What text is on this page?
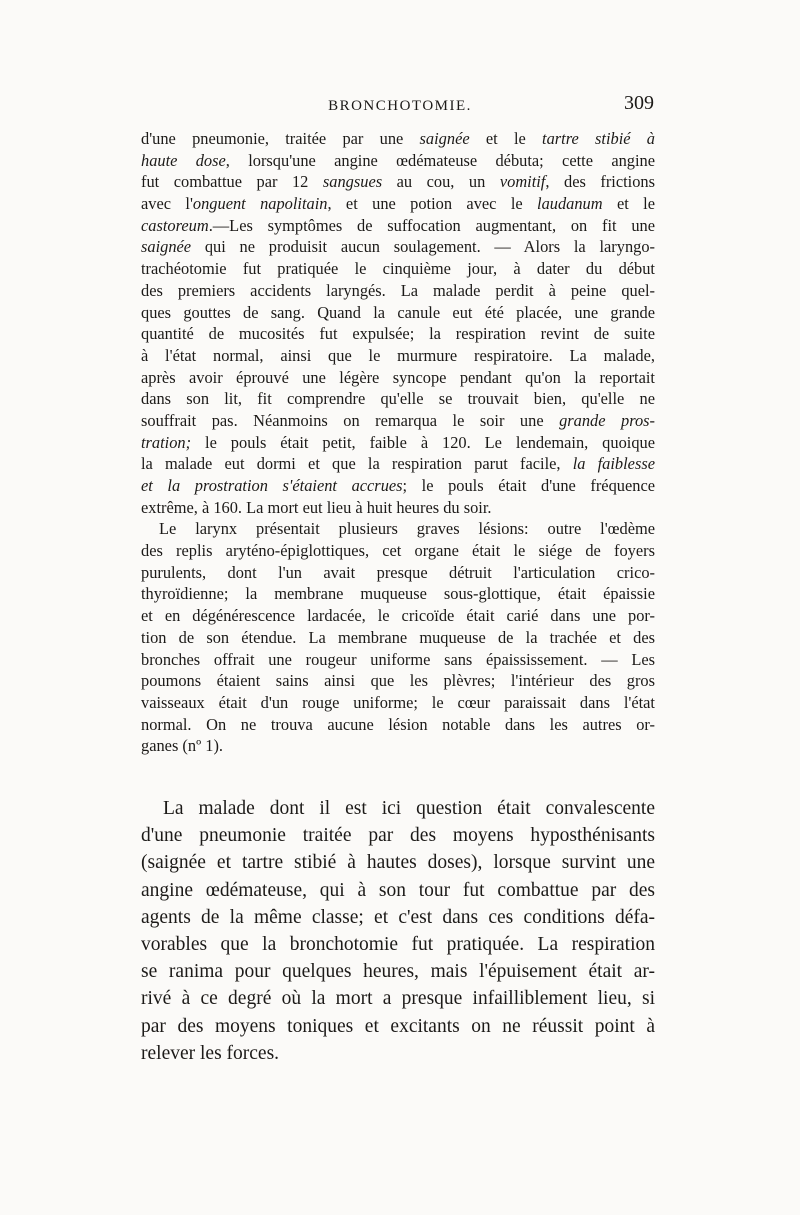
BRONCHOTOMIE.	309
d'une pneumonie, traitée par une saignée et le tartre stibié à
haute dose, lorsqu'une angine œdémateuse débuta; cette angine
fut combattue par 12 sangsues au cou, un vomitif, des frictions
avec l'onguent napolitain, et une potion avec le laudanum et le
castoreum.—Les symptômes de suffocation augmentant, on fit une
saignée qui ne produisit aucun soulagement. — Alors la laryngo-
trachéotomie fut pratiquée le cinquième jour, à dater du début
des premiers accidents laryngés. La malade perdit à peine quel-
ques gouttes de sang. Quand la canule eut été placée, une grande
quantité de mucosités fut expulsée; la respiration revint de suite
à l'état normal, ainsi que le murmure respiratoire. La malade,
après avoir éprouvé une légère syncope pendant qu'on la reportait
dans son lit, fit comprendre qu'elle se trouvait bien, qu'elle ne
souffrait pas. Néanmoins on remarqua le soir une grande pros-
tration; le pouls était petit, faible à 120. Le lendemain, quoique
la malade eut dormi et que la respiration parut facile, la faiblesse
et la prostration s'étaient accrues; le pouls était d'une fréquence
extrême, à 160. La mort eut lieu à huit heures du soir.
Le larynx présentait plusieurs graves lésions: outre l'œdème
des replis aryténo-épiglottiques, cet organe était le siége de foyers
purulents, dont l'un avait presque détruit l'articulation crico-
thyroïdienne; la membrane muqueuse sous-glottique, était épaissie
et en dégénérescence lardacée, le cricoïde était carié dans une por-
tion de son étendue. La membrane muqueuse de la trachée et des
bronches offrait une rougeur uniforme sans épaississement. — Les
poumons étaient sains ainsi que les plèvres; l'intérieur des gros
vaisseaux était d'un rouge uniforme; le cœur paraissait dans l'état
normal. On ne trouva aucune lésion notable dans les autres or-
ganes (nº 1).
La malade dont il est ici question était convalescente
d'une pneumonie traitée par des moyens hyposthénisants
(saignée et tartre stibié à hautes doses), lorsque survint une
angine œdémateuse, qui à son tour fut combattue par des
agents de la même classe; et c'est dans ces conditions défa-
vorables que la bronchotomie fut pratiquée. La respiration
se ranima pour quelques heures, mais l'épuisement était ar-
rivé à ce degré où la mort a presque infailliblement lieu, si
par des moyens toniques et excitants on ne réussit point à
relever les forces.
